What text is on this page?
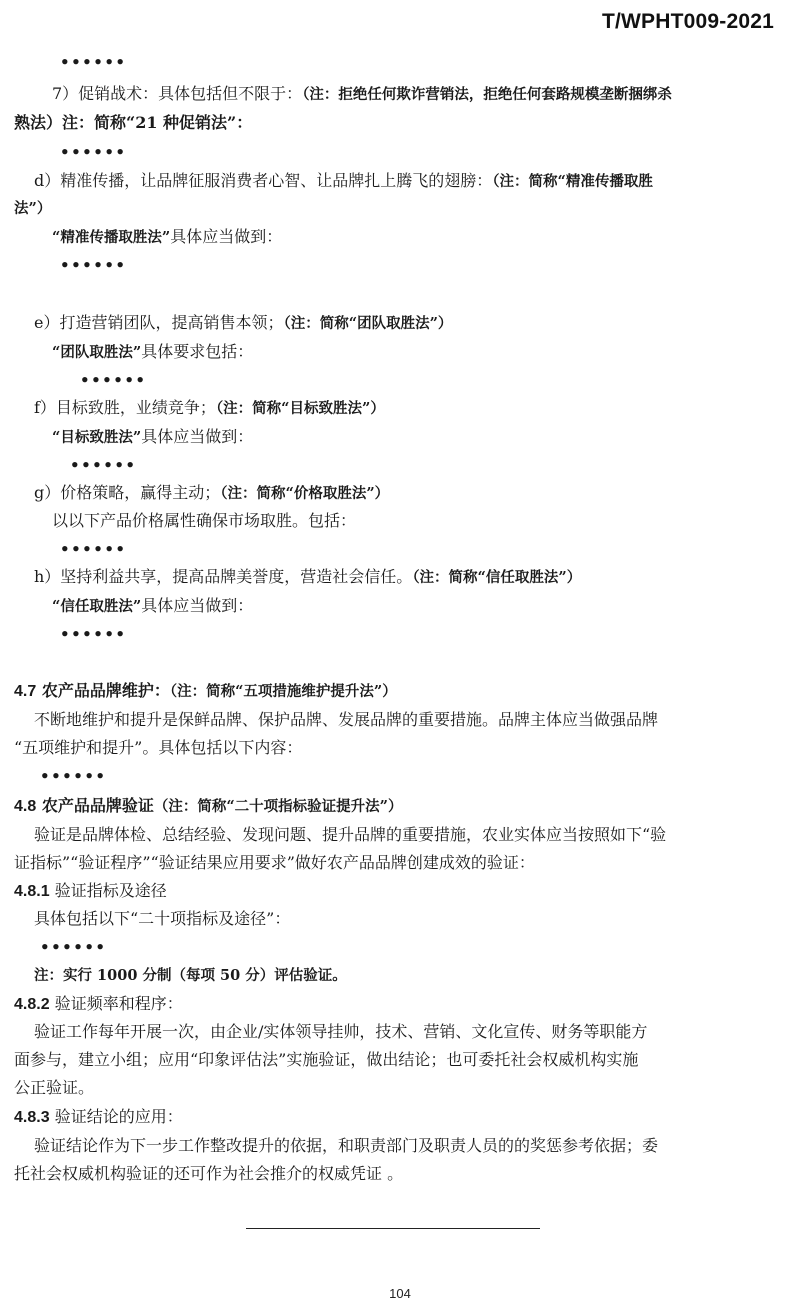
T/WPHT009-2021
••••••
7）促销战术：具体包括但不限于：（注：拒绝任何欺诈营销法，拒绝任何套路规模垄断捆绑杀
熟法）注：简称“21 种促销法”：
••••••
d）精准传播，让品牌征服消费者心智、让品牌扎上腾飞的翅膀：（注：简称“精准传播取胜
法”）
“精准传播取胜法”具体应当做到：
••••••
e）打造营销团队，提高销售本领；（注：简称“团队取胜法”）
“团队取胜法”具体要求包括：
••••••
f）目标致胜，业绩竞争；（注：简称“目标致胜法”）
“目标致胜法”具体应当做到：
••••••
g）价格策略，赢得主动；（注：简称“价格取胜法”）
以以下产品价格属性确保市场取胜。包括：
••••••
h）坚持利益共享，提高品牌美誉度，营造社会信任。（注：简称“信任取胜法”）
“信任取胜法”具体应当做到：
••••••
4.7 农产品品牌维护：（注：简称“五项措施维护提升法”）
不断地维护和提升是保鲜品牌、保护品牌、发展品牌的重要措施。品牌主体应当做强品牌
“五项维护和提升”。具体包括以下内容：
••••••
4.8 农产品品牌验证（注：简称“二十项指标验证提升法”）
验证是品牌体检、总结经验、发现问题、提升品牌的重要措施，农业实体应当按照如下“验
证指标”“验证程序”“验证结果应用要求”做好农产品品牌创建成效的验证：
4.8.1 验证指标及途径
具体包括以下“二十项指标及途径”：
••••••
注：实行 1000 分制（每项 50 分）评估验证。
4.8.2 验证频率和程序：
验证工作每年开展一次，由企业/实体领导挂帅，技术、营销、文化宣传、财务等职能方
面参与，建立小组；应用“印象评估法”实施验证，做出结论；也可委托社会权威机构实施
公正验证。
4.8.3 验证结论的应用：
验证结论作为下一步工作整改提升的依据，和职责部门及职责人员的的奖惩参考依据；委
托社会权威机构验证的还可作为社会推介的权威凭证 。
104
